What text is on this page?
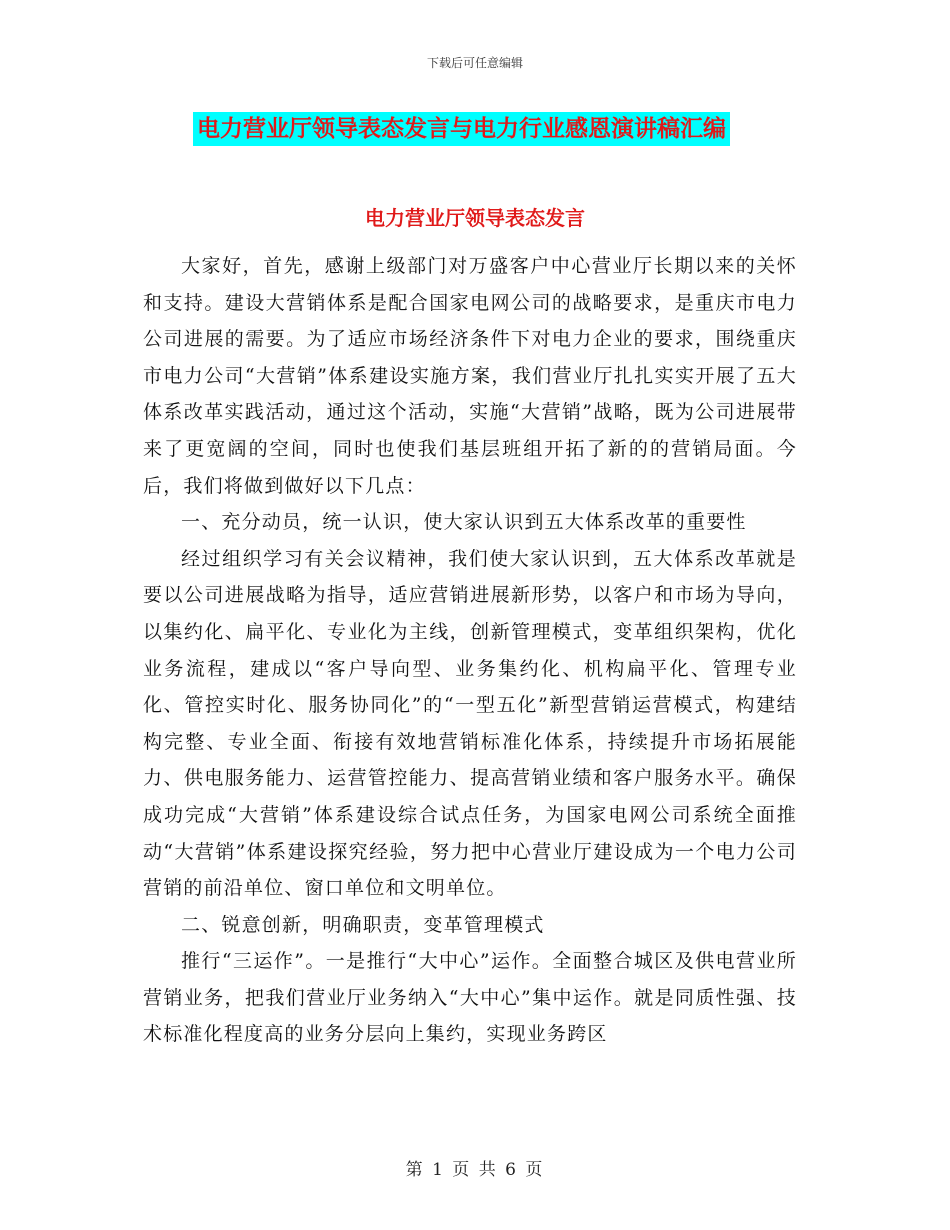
下载后可任意编辑
电力营业厅领导表态发言与电力行业感恩演讲稿汇编
电力营业厅领导表态发言

大家好，首先，感谢上级部门对万盛客户中心营业厅长期以来的关怀和支持。建设大营销体系是配合国家电网公司的战略要求，是重庆市电力公司进展的需要。为了适应市场经济条件下对电力企业的要求，围绕重庆市电力公司“大营销”体系建设实施方案，我们营业厅扎扎实实开展了五大体系改革实践活动，通过这个活动，实施“大营销”战略，既为公司进展带来了更宽阔的空间，同时也使我们基层班组开拓了新的的营销局面。今后，我们将做到做好以下几点：

一、充分动员，统一认识，使大家认识到五大体系改革的重要性

经过组织学习有关会议精神，我们使大家认识到，五大体系改革就是要以公司进展战略为指导，适应营销进展新形势，以客户和市场为导向，以集约化、扁平化、专业化为主线，创新管理模式，变革组织架构，优化业务流程，建成以“客户导向型、业务集约化、机构扁平化、管理专业化、管控实时化、服务协同化”的“一型五化”新型营销运营模式，构建结构完整、专业全面、衔接有效地营销标准化体系，持续提升市场拓展能力、供电服务能力、运营管控能力、提高营销业绩和客户服务水平。确保成功完成“大营销”体系建设综合试点任务，为国家电网公司系统全面推动“大营销”体系建设探究经验，努力把中心营业厅建设成为一个电力公司营销的前沿单位、窗口单位和文明单位。

二、锐意创新，明确职责，变革管理模式

推行“三运作”。一是推行“大中心”运作。全面整合城区及供电营业所营销业务，把我们营业厅业务纳入“大中心”集中运作。就是同质性强、技术标准化程度高的业务分层向上集约，实现业务跨区

第 1 页 共 6 页
